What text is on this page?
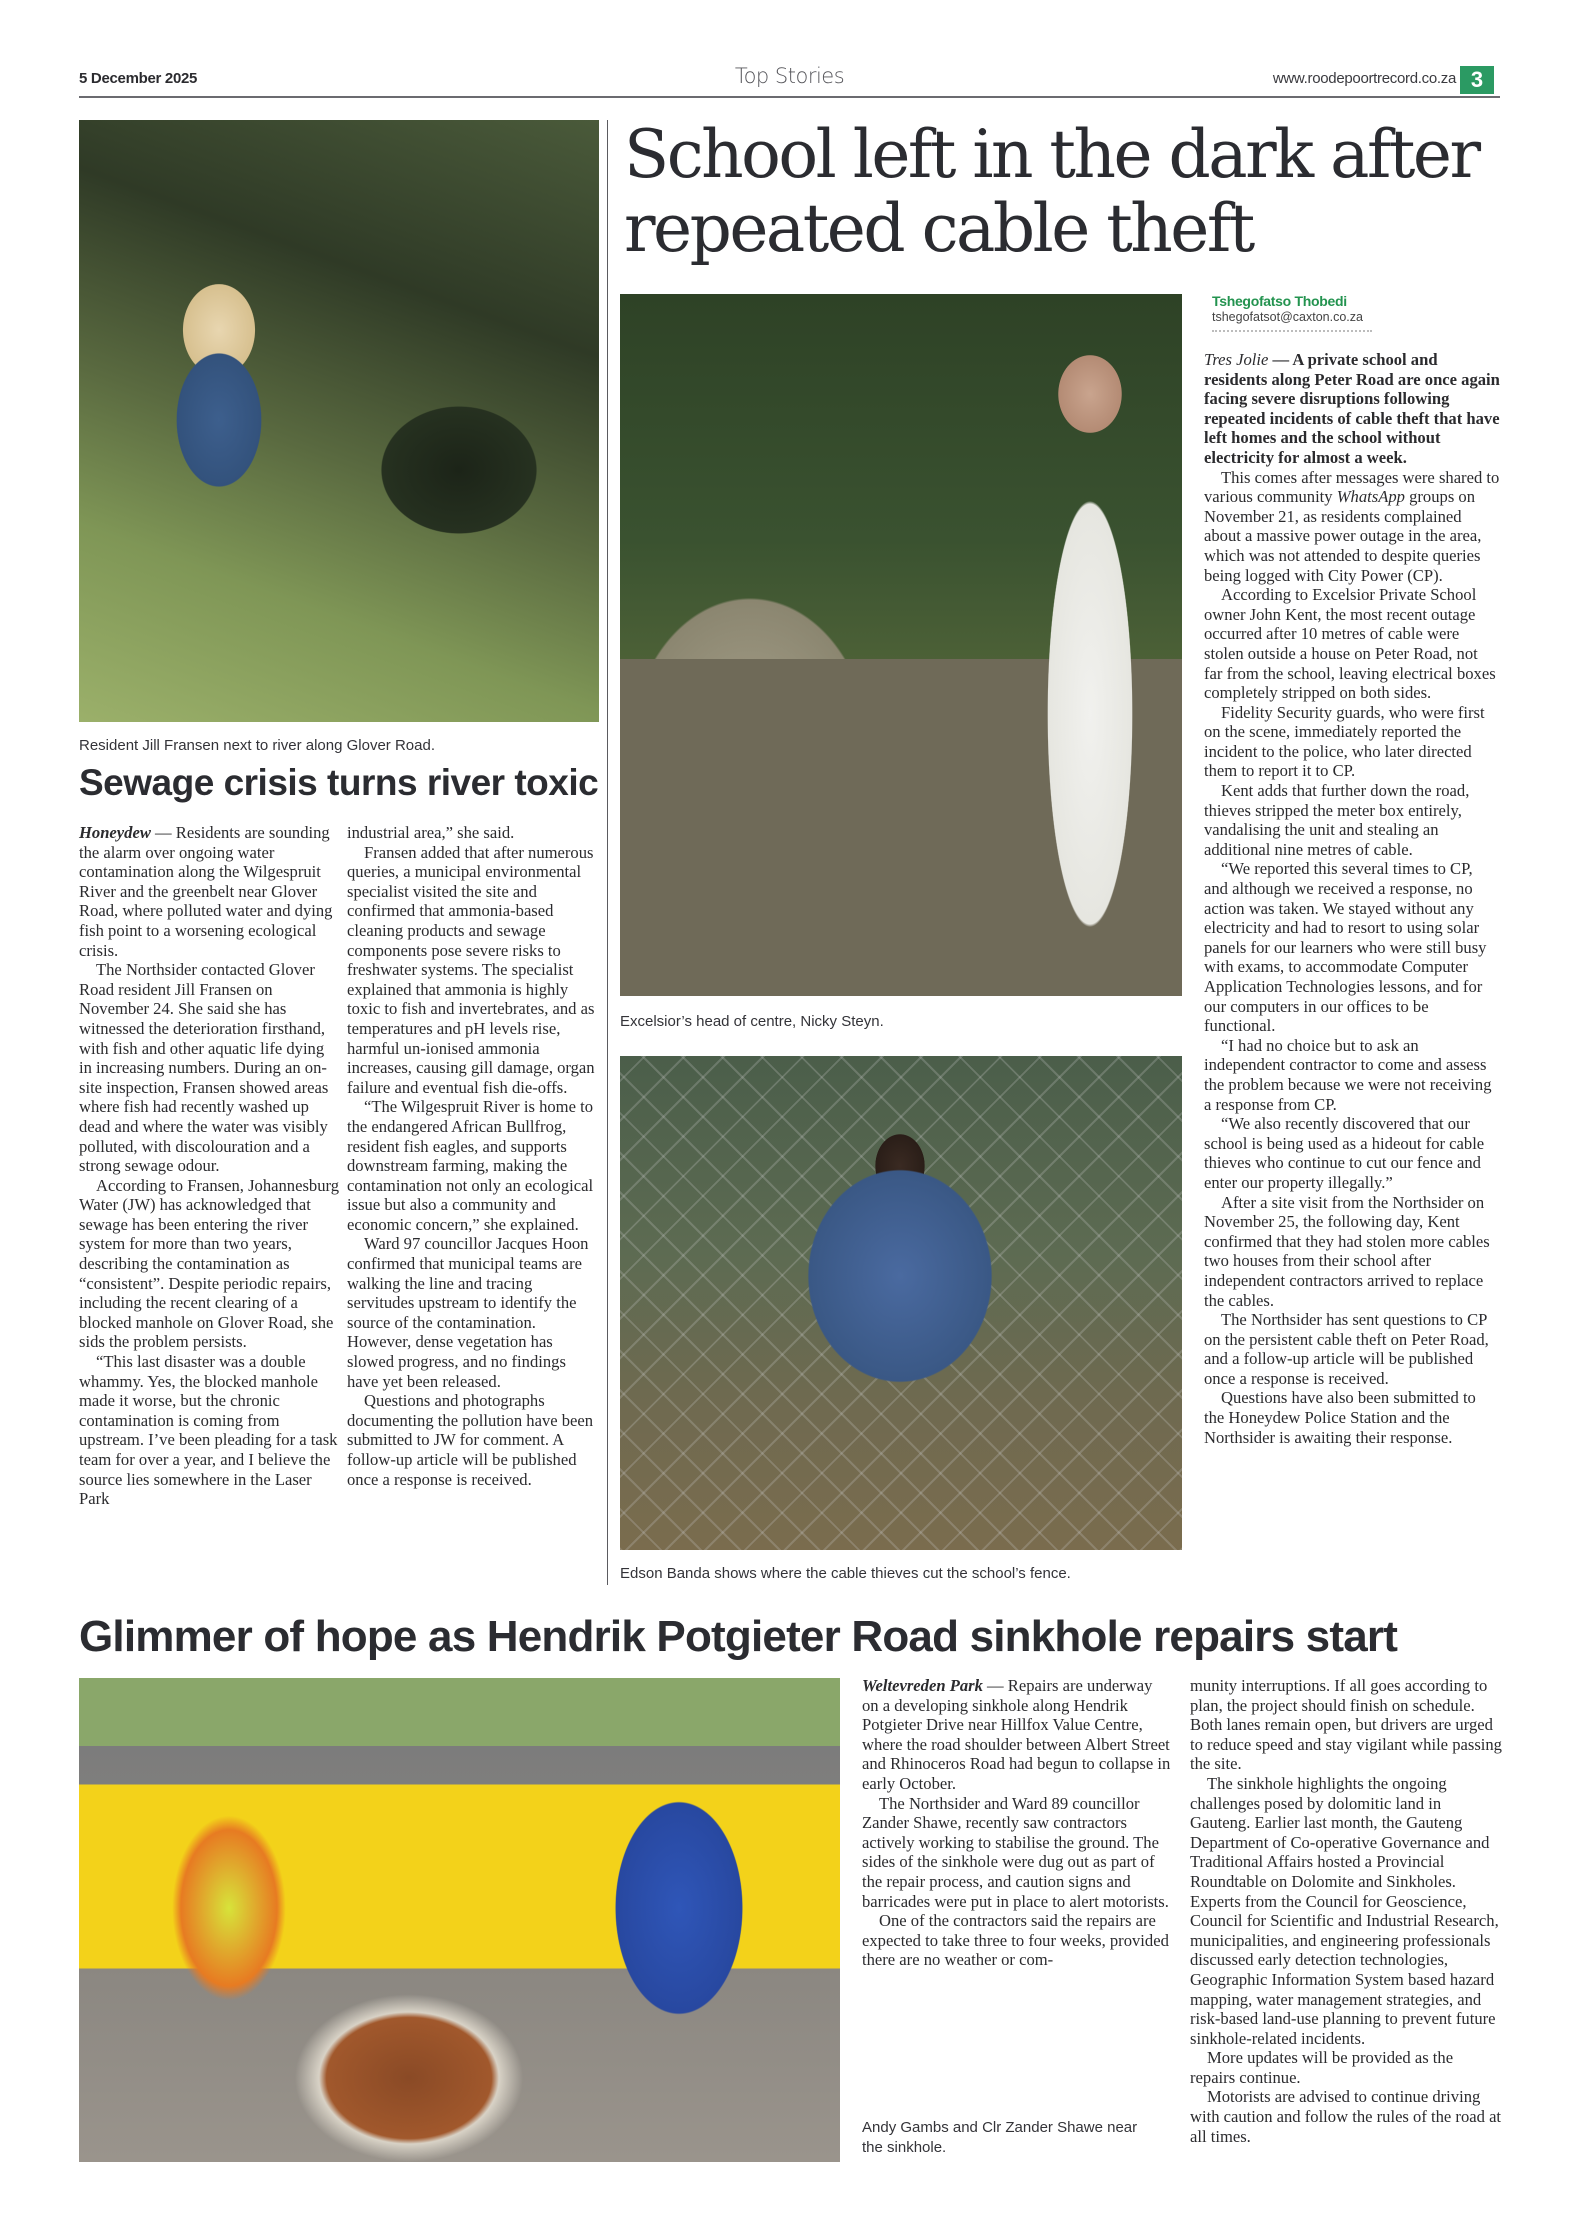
5 December 2025	Top Stories	www.roodepoortrecord.co.za 3
Resident Jill Fransen next to river along Glover Road.
Sewage crisis turns river toxic

Honeydew — Residents are sounding the alarm over ongoing water contamination along the Wilgespruit River and the greenbelt near Glover Road, where polluted water and dying fish point to a worsening ecological crisis.

The Northsider contacted Glover Road resident Jill Fransen on November 24. She said she has witnessed the deterioration firsthand, with fish and other aquatic life dying in increasing numbers. During an on-site inspection, Fransen showed areas where fish had recently washed up dead and where the water was visibly polluted, with discolouration and a strong sewage odour.

According to Fransen, Johannesburg Water (JW) has acknowledged that sewage has been entering the river system for more than two years, describing the contamination as “consistent”. Despite periodic repairs, including the recent clearing of a blocked manhole on Glover Road, she sids the problem persists.

“This last disaster was a double whammy. Yes, the blocked manhole made it worse, but the chronic contamination is coming from upstream. I’ve been pleading for a task team for over a year, and I believe the source lies somewhere in the Laser Park

industrial area,” she said.

Fransen added that after numerous queries, a municipal environmental specialist visited the site and confirmed that ammonia-based cleaning products and sewage components pose severe risks to freshwater systems. The specialist explained that ammonia is highly toxic to fish and invertebrates, and as temperatures and pH levels rise, harmful un-ionised ammonia increases, causing gill damage, organ failure and eventual fish die-offs.

“The Wilgespruit River is home to the endangered African Bullfrog, resident fish eagles, and supports downstream farming, making the contamination not only an ecological issue but also a community and economic concern,” she explained.

Ward 97 councillor Jacques Hoon confirmed that municipal teams are walking the line and tracing servitudes upstream to identify the source of the contamination. However, dense vegetation has slowed progress, and no findings have yet been released.

Questions and photographs documenting the pollution have been submitted to JW for comment. A follow-up article will be published once a response is received.

School left in the dark after repeated cable theft
Excelsior’s head of centre, Nicky Steyn.
Edson Banda shows where the cable thieves cut the school’s fence.
Tshegofatso Thobedi
tshegofatsot@caxton.co.za

Tres Jolie — A private school and residents along Peter Road are once again facing severe disruptions following repeated incidents of cable theft that have left homes and the school without electricity for almost a week.

This comes after messages were shared to various community WhatsApp groups on November 21, as residents complained about a massive power outage in the area, which was not attended to despite queries being logged with City Power (CP).

According to Excelsior Private School owner John Kent, the most recent outage occurred after 10 metres of cable were stolen outside a house on Peter Road, not far from the school, leaving electrical boxes completely stripped on both sides.

Fidelity Security guards, who were first on the scene, immediately reported the incident to the police, who later directed them to report it to CP.

Kent adds that further down the road, thieves stripped the meter box entirely, vandalising the unit and stealing an additional nine metres of cable.

“We reported this several times to CP, and although we received a response, no action was taken. We stayed without any electricity and had to resort to using solar panels for our learners who were still busy with exams, to accommodate Computer Application Technologies lessons, and for our computers in our offices to be functional.

“I had no choice but to ask an independent contractor to come and assess the problem because we were not receiving a response from CP.

“We also recently discovered that our school is being used as a hideout for cable thieves who continue to cut our fence and enter our property illegally.”

After a site visit from the Northsider on November 25, the following day, Kent confirmed that they had stolen more cables two houses from their school after independent contractors arrived to replace the cables.

The Northsider has sent questions to CP on the persistent cable theft on Peter Road, and a follow-up article will be published once a response is received.

Questions have also been submitted to the Honeydew Police Station and the Northsider is awaiting their response.

Glimmer of hope as Hendrik Potgieter Road sinkhole repairs start

Weltevreden Park — Repairs are underway on a developing sinkhole along Hendrik Potgieter Drive near Hillfox Value Centre, where the road shoulder between Albert Street and Rhinoceros Road had begun to collapse in early October.

The Northsider and Ward 89 councillor Zander Shawe, recently saw contractors actively working to stabilise the ground. The sides of the sinkhole were dug out as part of the repair process, and caution signs and barricades were put in place to alert motorists.

One of the contractors said the repairs are expected to take three to four weeks, provided there are no weather or com-

Andy Gambs and Clr Zander Shawe near the sinkhole.

munity interruptions. If all goes according to plan, the project should finish on schedule. Both lanes remain open, but drivers are urged to reduce speed and stay vigilant while passing the site.

The sinkhole highlights the ongoing challenges posed by dolomitic land in Gauteng. Earlier last month, the Gauteng Department of Co-operative Governance and Traditional Affairs hosted a Provincial Roundtable on Dolomite and Sinkholes. Experts from the Council for Geoscience, Council for Scientific and Industrial Research, municipalities, and engineering professionals discussed early detection technologies, Geographic Information System based hazard mapping, water management strategies, and risk-based land-use planning to prevent future sinkhole-related incidents.

More updates will be provided as the repairs continue.

Motorists are advised to continue driving with caution and follow the rules of the road at all times.
